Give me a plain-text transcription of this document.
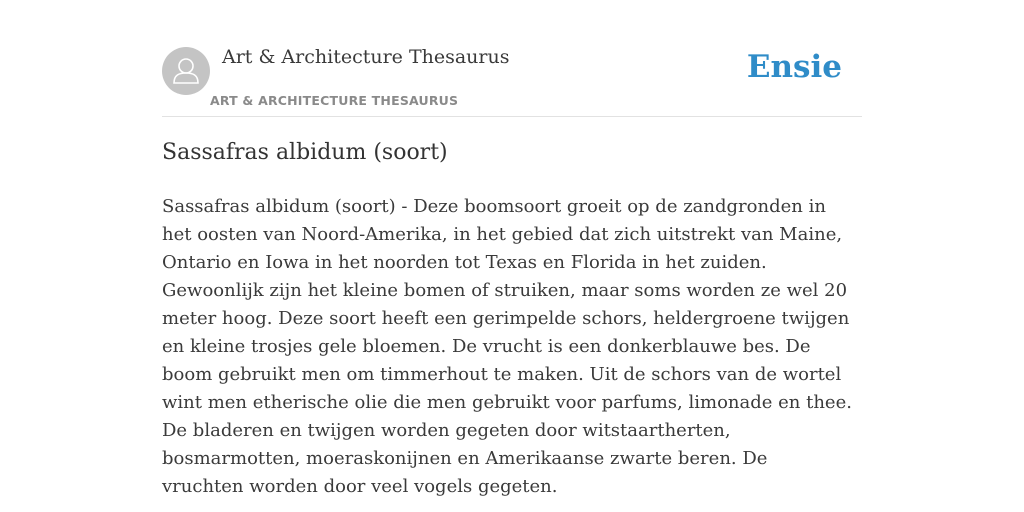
Art & Architecture Thesaurus
ART & ARCHITECTURE THESAURUS
Ensie
Sassafras albidum (soort)

Sassafras albidum (soort) - Deze boomsoort groeit op de zandgronden in het oosten van Noord-Amerika, in het gebied dat zich uitstrekt van Maine, Ontario en Iowa in het noorden tot Texas en Florida in het zuiden. Gewoonlijk zijn het kleine bomen of struiken, maar soms worden ze wel 20 meter hoog. Deze soort heeft een gerimpelde schors, heldergroene twijgen en kleine trosjes gele bloemen. De vrucht is een donkerblauwe bes. De boom gebruikt men om timmerhout te maken. Uit de schors van de wortel wint men etherische olie die men gebruikt voor parfums, limonade en thee. De bladeren en twijgen worden gegeten door witstaartherten, bosmarmotten, moeraskonijnen en Amerikaanse zwarte beren. De vruchten worden door veel vogels gegeten.
